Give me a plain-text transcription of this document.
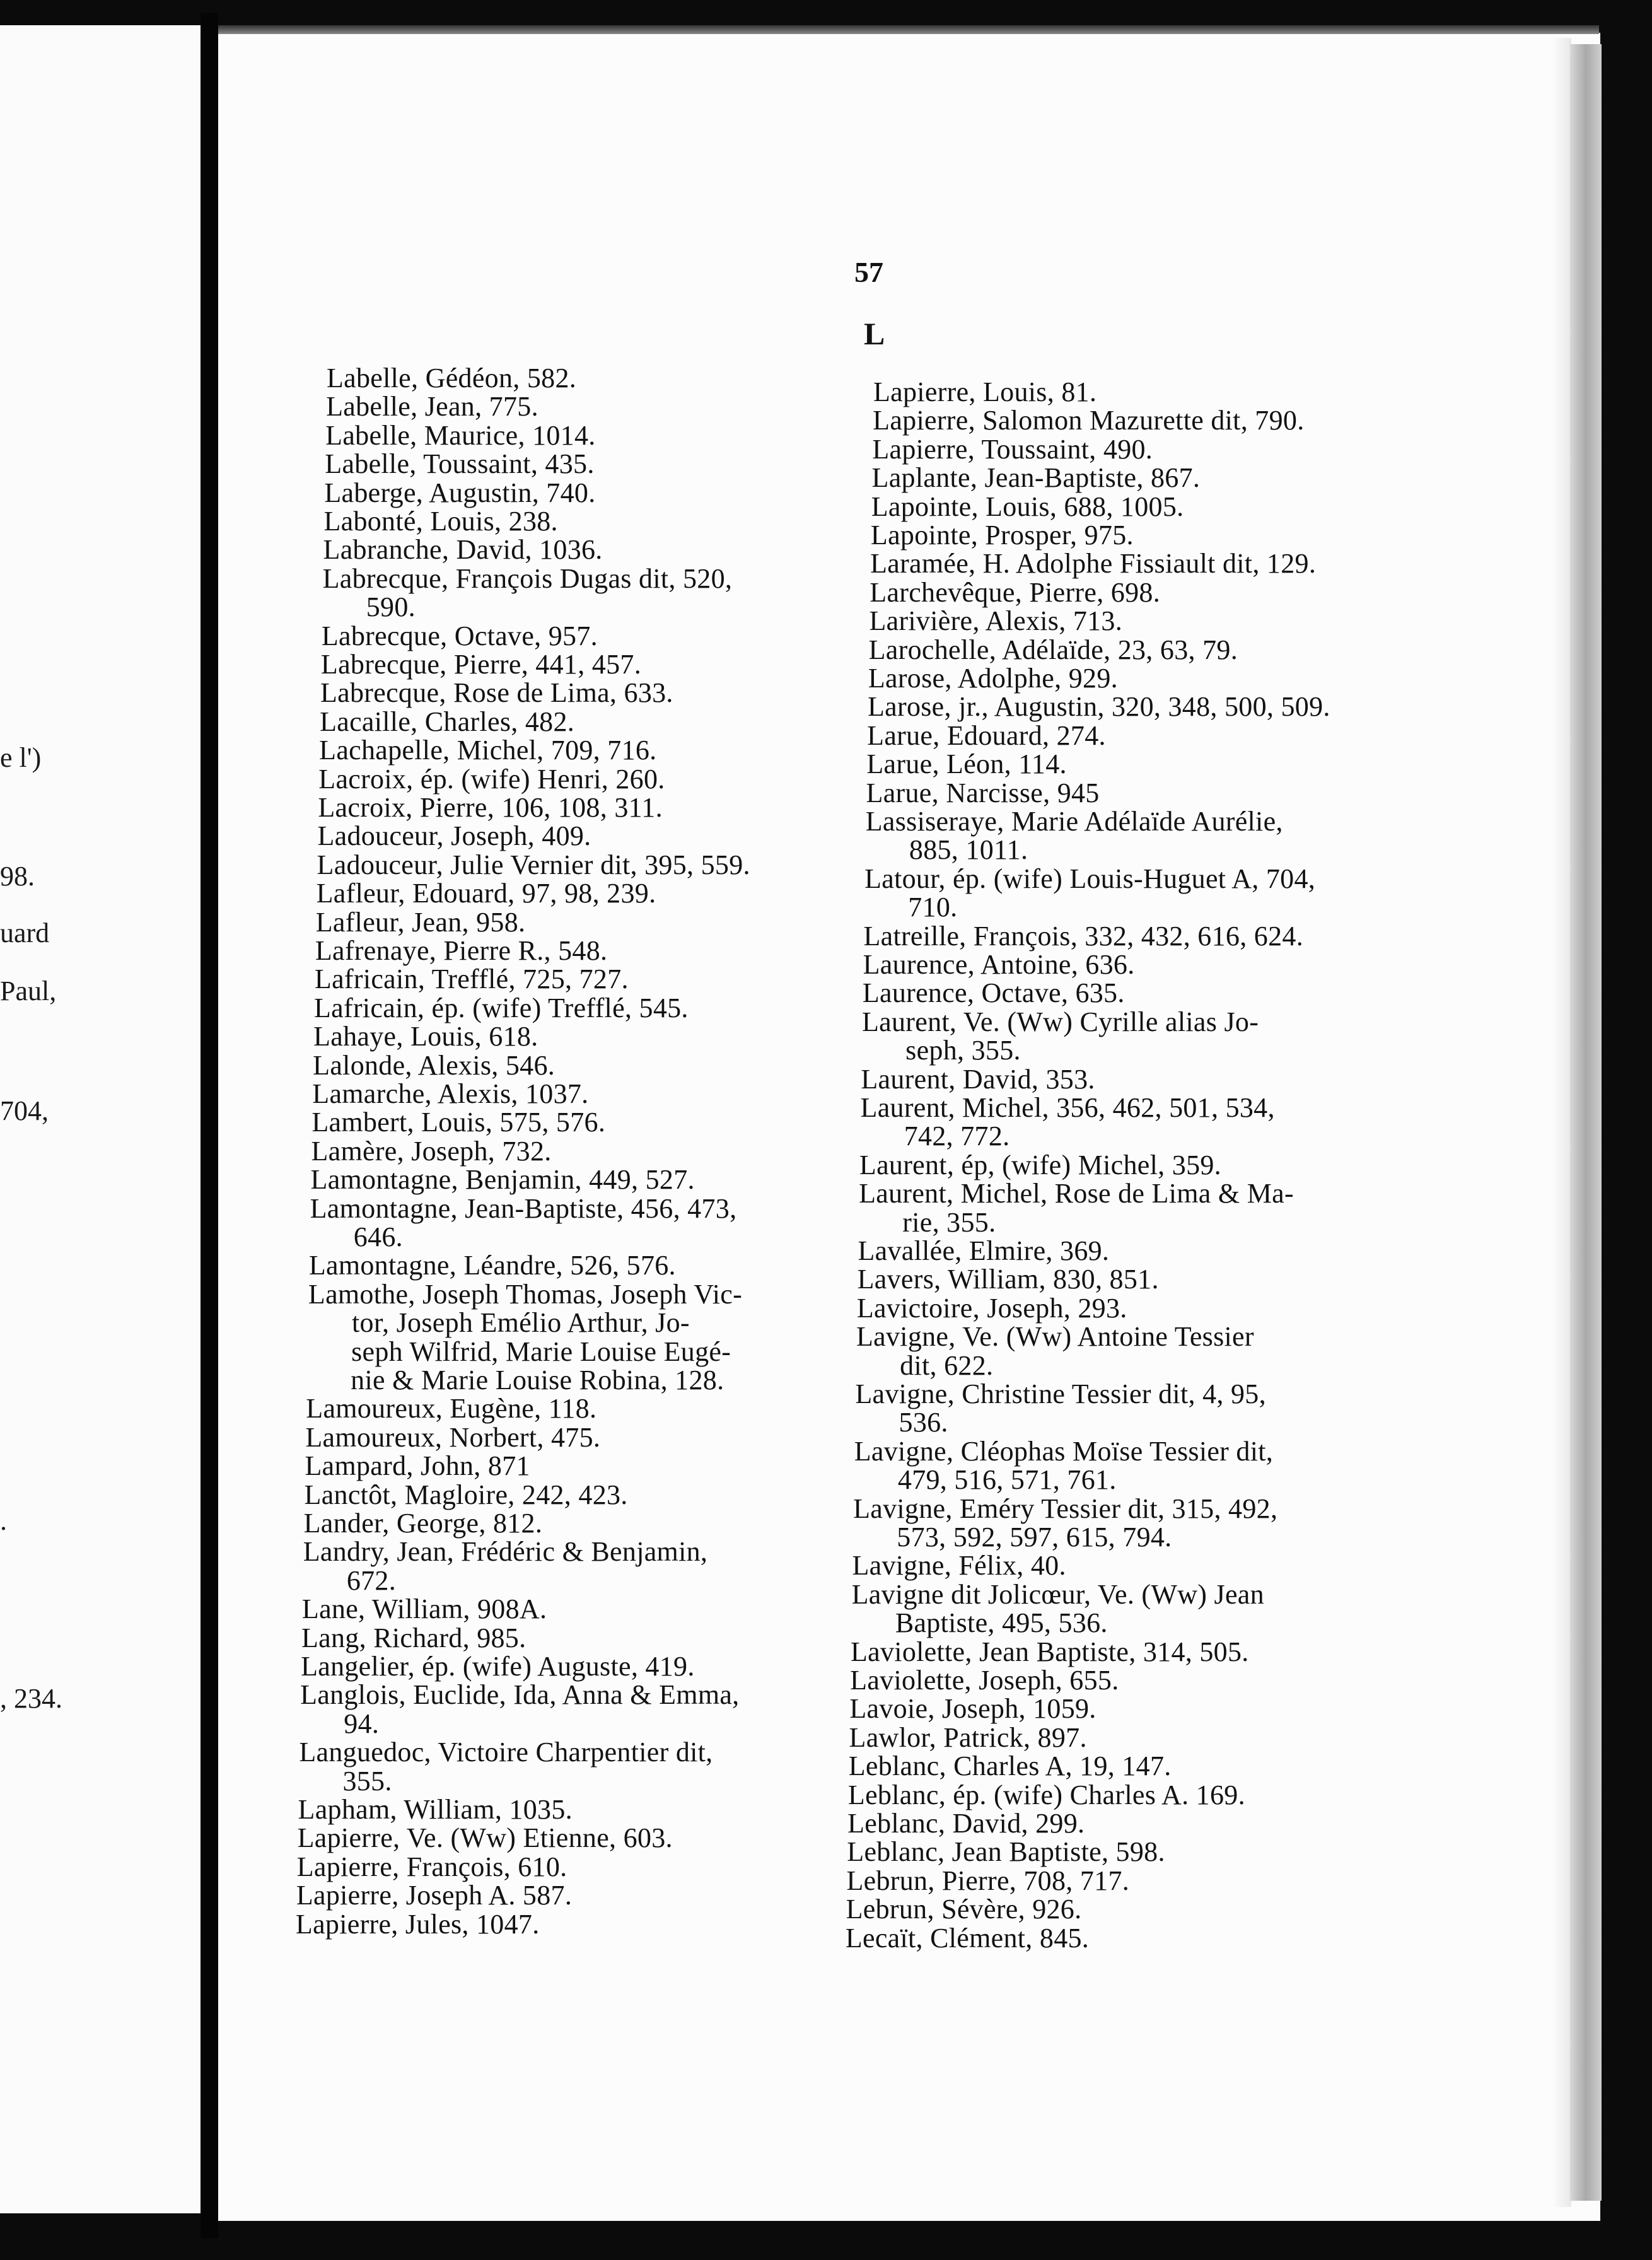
e l')
98.
uard
Paul,
704,
.
, 234.
57
L
Labelle, Gédéon, 582.
Labelle, Jean, 775.
Labelle, Maurice, 1014.
Labelle, Toussaint, 435.
Laberge, Augustin, 740.
Labonté, Louis, 238.
Labranche, David, 1036.
Labrecque, François Dugas dit, 520,
590.
Labrecque, Octave, 957.
Labrecque, Pierre, 441, 457.
Labrecque, Rose de Lima, 633.
Lacaille, Charles, 482.
Lachapelle, Michel, 709, 716.
Lacroix, ép. (wife) Henri, 260.
Lacroix, Pierre, 106, 108, 311.
Ladouceur, Joseph, 409.
Ladouceur, Julie Vernier dit, 395, 559.
Lafleur, Edouard, 97, 98, 239.
Lafleur, Jean, 958.
Lafrenaye, Pierre R., 548.
Lafricain, Trefflé, 725, 727.
Lafricain, ép. (wife) Trefflé, 545.
Lahaye, Louis, 618.
Lalonde, Alexis, 546.
Lamarche, Alexis, 1037.
Lambert, Louis, 575, 576.
Lamère, Joseph, 732.
Lamontagne, Benjamin, 449, 527.
Lamontagne, Jean-Baptiste, 456, 473,
646.
Lamontagne, Léandre, 526, 576.
Lamothe, Joseph Thomas, Joseph Vic-
tor, Joseph Emélio Arthur, Jo-
seph Wilfrid, Marie Louise Eugé-
nie & Marie Louise Robina, 128.
Lamoureux, Eugène, 118.
Lamoureux, Norbert, 475.
Lampard, John, 871
Lanctôt, Magloire, 242, 423.
Lander, George, 812.
Landry, Jean, Frédéric & Benjamin,
672.
Lane, William, 908A.
Lang, Richard, 985.
Langelier, ép. (wife) Auguste, 419.
Langlois, Euclide, Ida, Anna & Emma,
94.
Languedoc, Victoire Charpentier dit,
355.
Lapham, William, 1035.
Lapierre, Ve. (Ww) Etienne, 603.
Lapierre, François, 610.
Lapierre, Joseph A. 587.
Lapierre, Jules, 1047.
Lapierre, Louis, 81.
Lapierre, Salomon Mazurette dit, 790.
Lapierre, Toussaint, 490.
Laplante, Jean-Baptiste, 867.
Lapointe, Louis, 688, 1005.
Lapointe, Prosper, 975.
Laramée, H. Adolphe Fissiault dit, 129.
Larchevêque, Pierre, 698.
Larivière, Alexis, 713.
Larochelle, Adélaïde, 23, 63, 79.
Larose, Adolphe, 929.
Larose, jr., Augustin, 320, 348, 500, 509.
Larue, Edouard, 274.
Larue, Léon, 114.
Larue, Narcisse, 945
Lassiseraye, Marie Adélaïde Aurélie,
885, 1011.
Latour, ép. (wife) Louis-Huguet A, 704,
710.
Latreille, François, 332, 432, 616, 624.
Laurence, Antoine, 636.
Laurence, Octave, 635.
Laurent, Ve. (Ww) Cyrille alias Jo-
seph, 355.
Laurent, David, 353.
Laurent, Michel, 356, 462, 501, 534,
742, 772.
Laurent, ép, (wife) Michel, 359.
Laurent, Michel, Rose de Lima & Ma-
rie, 355.
Lavallée, Elmire, 369.
Lavers, William, 830, 851.
Lavictoire, Joseph, 293.
Lavigne, Ve. (Ww) Antoine Tessier
dit, 622.
Lavigne, Christine Tessier dit, 4, 95,
536.
Lavigne, Cléophas Moïse Tessier dit,
479, 516, 571, 761.
Lavigne, Eméry Tessier dit, 315, 492,
573, 592, 597, 615, 794.
Lavigne, Félix, 40.
Lavigne dit Jolicœur, Ve. (Ww) Jean
Baptiste, 495, 536.
Laviolette, Jean Baptiste, 314, 505.
Laviolette, Joseph, 655.
Lavoie, Joseph, 1059.
Lawlor, Patrick, 897.
Leblanc, Charles A, 19, 147.
Leblanc, ép. (wife) Charles A. 169.
Leblanc, David, 299.
Leblanc, Jean Baptiste, 598.
Lebrun, Pierre, 708, 717.
Lebrun, Sévère, 926.
Lecaït, Clément, 845.
